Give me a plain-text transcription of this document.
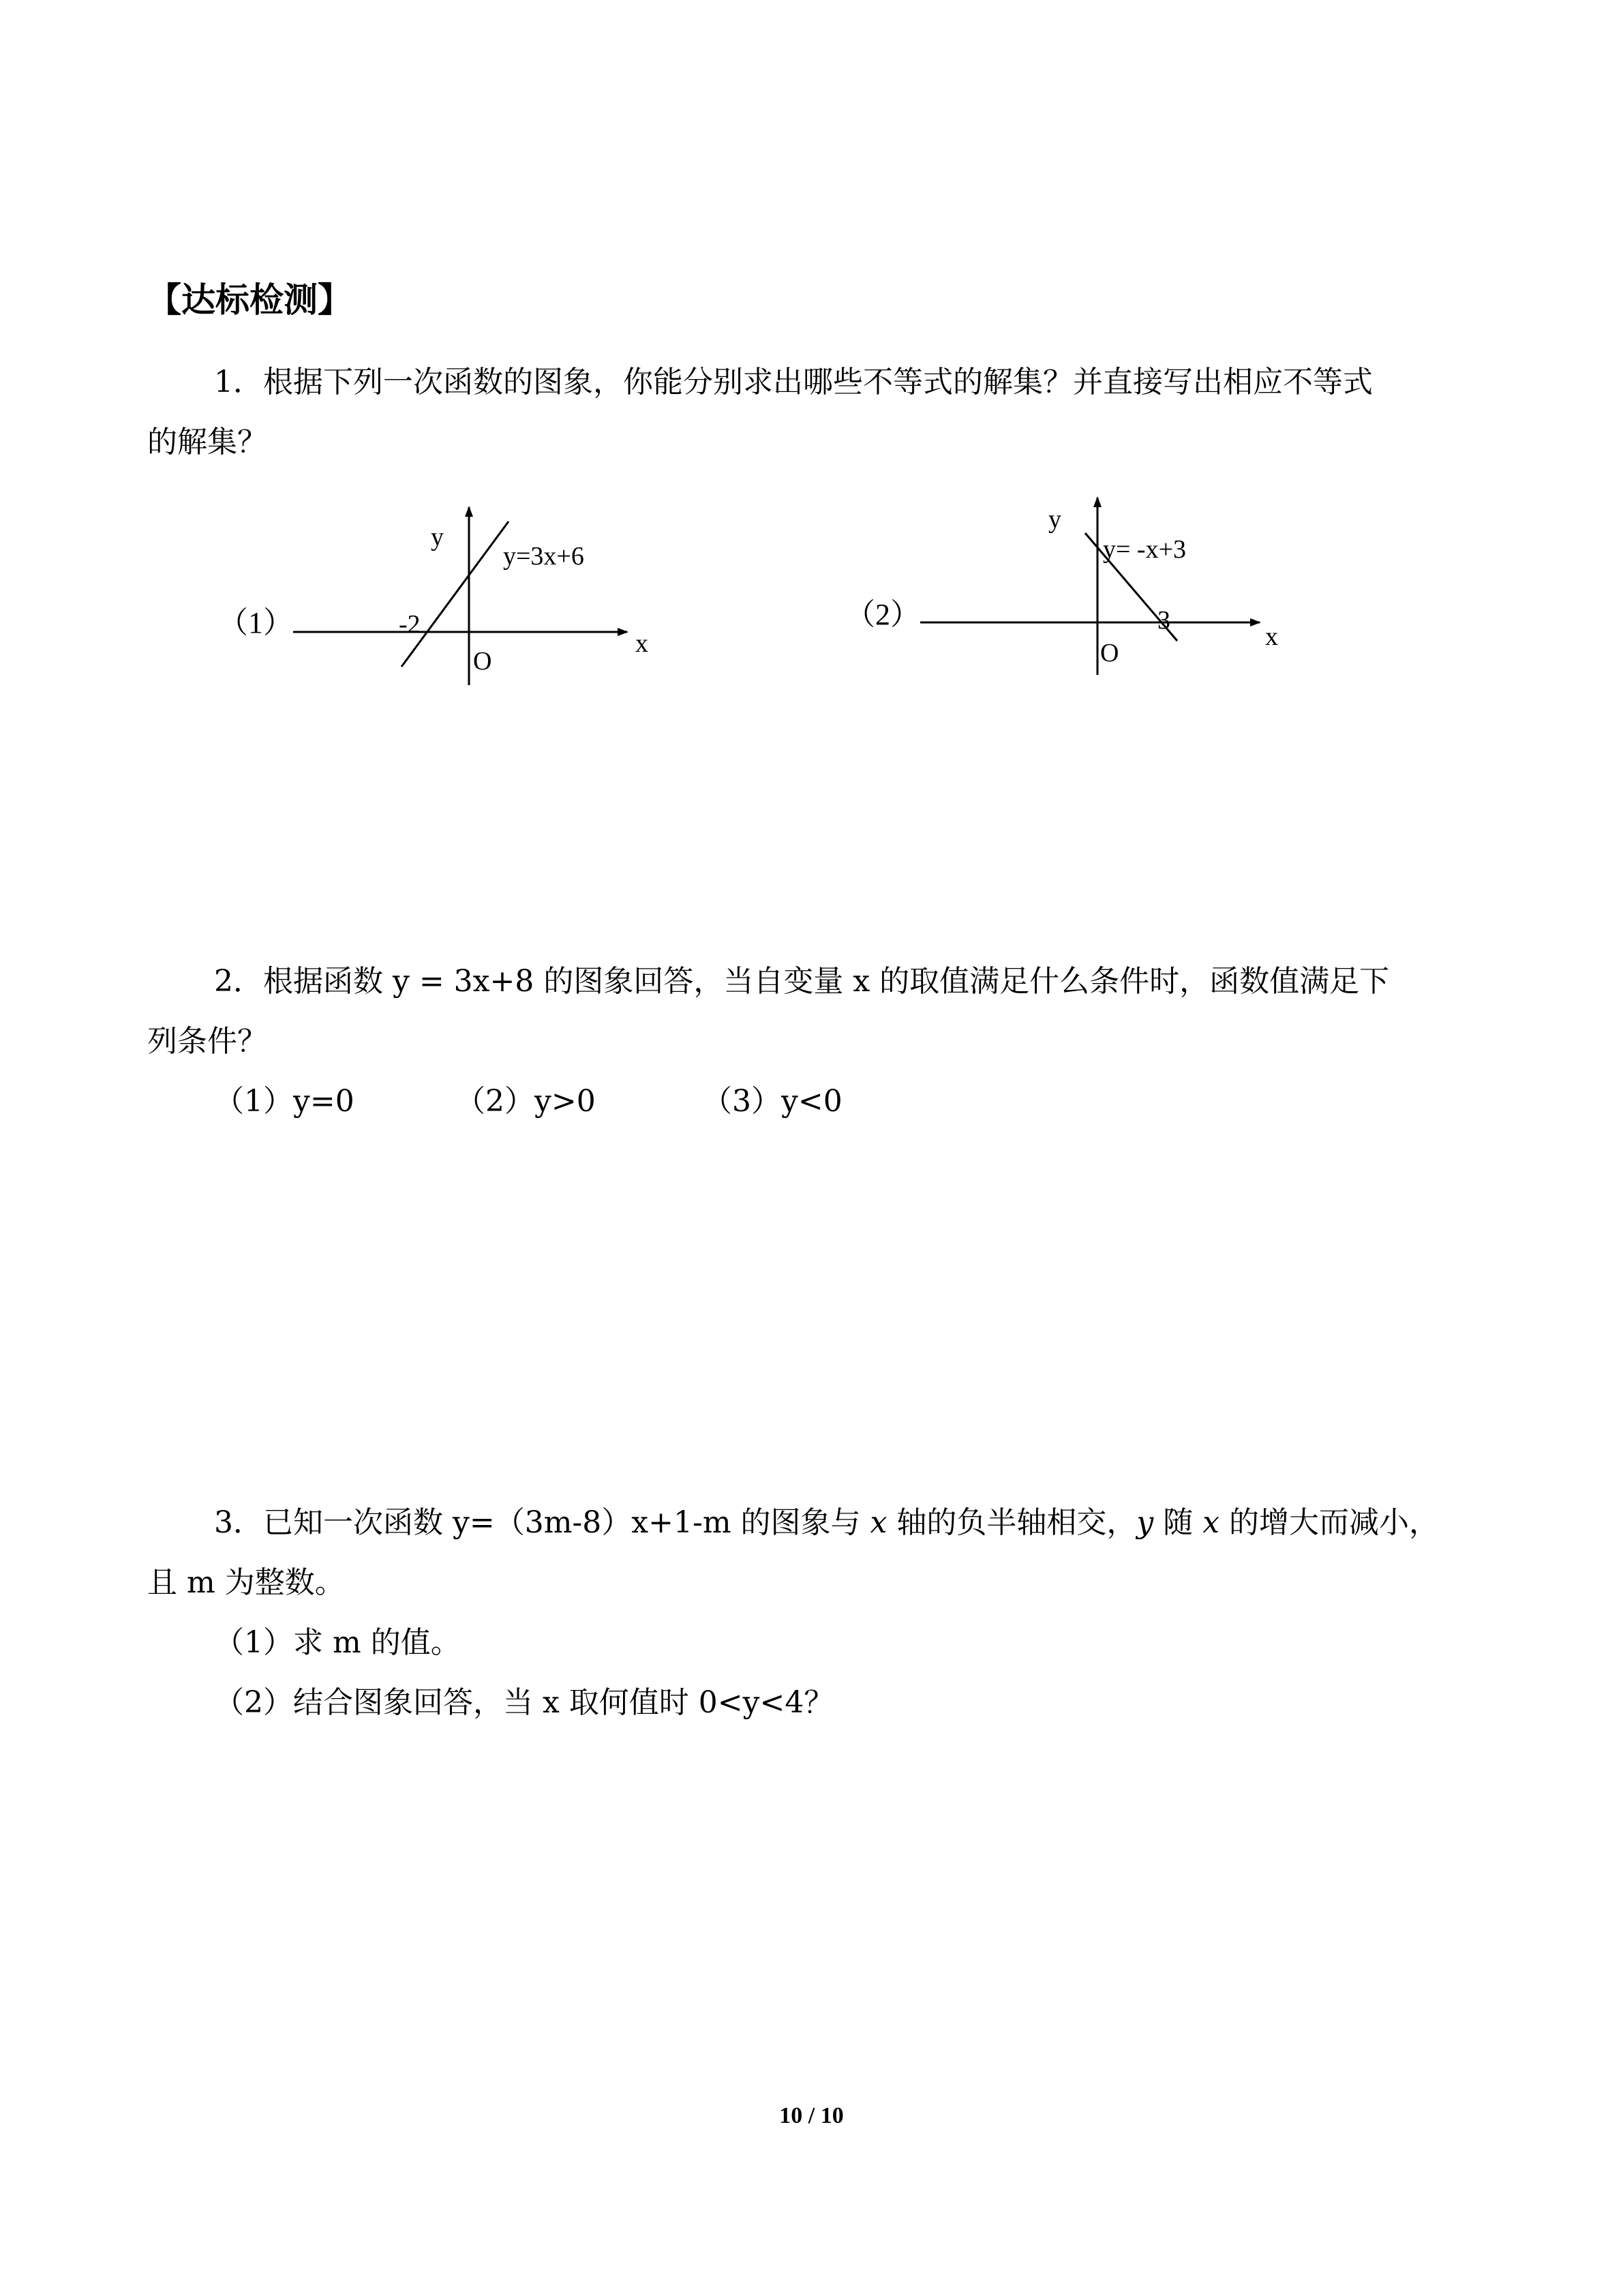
【达标检测】
1．根据下列一次函数的图象，你能分别求出哪些不等式的解集？并直接写出相应不等式
的解集？
（1）
y
y=3x+6
-2
O
x
（2）
y
y= -x+3
3
O
x
2．根据函数 y = 3x+8 的图象回答，当自变量 x 的取值满足什么条件时，函数值满足下
列条件？
（1）y=0	（2）y>0	（3）y<0
3．已知一次函数 y=（3m-8）x+1-m 的图象与 x 轴的负半轴相交，y 随 x 的增大而减小，
且 m 为整数。
（1）求 m 的值。
（2）结合图象回答，当 x 取何值时 0<y<4？
10 / 10
